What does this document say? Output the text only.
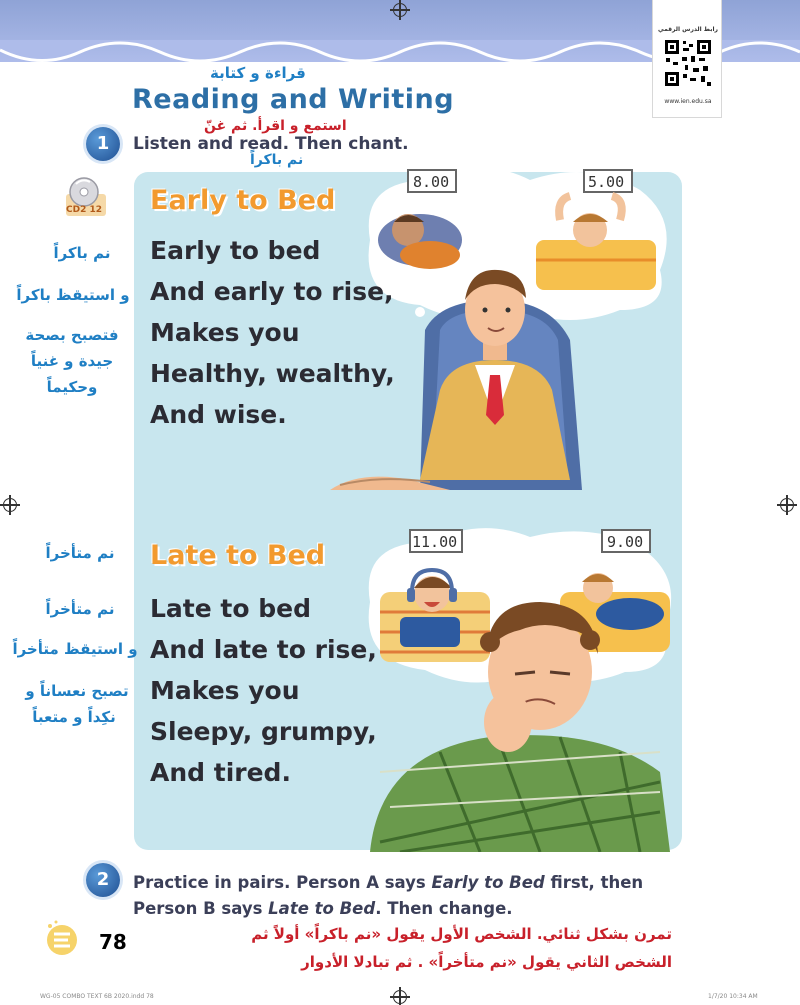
رابط الدرس الرقمي
www.ien.edu.sa
قراءة و كتابة
Reading and Writing
1
استمع و اقرأ. ثم غنّ
Listen and read. Then chant.
نم باكراً
CD2 12
8.00	5.00
11.00	9.00
Early to Bed
Late to Bed
Early to bed
And early to rise,
Makes you
Healthy, wealthy,
And wise.
Late to bed
And late to rise,
Makes you
Sleepy, grumpy,
And tired.
نم باكراً
و استيقظ باكراً
فتصبح بصحة
جيدة و غنياً
وحكيماً
نم متأخراً
نم متأخراً
و استيقظ متأخراً
تصبح نعساناً و
نكِداً و متعباً
2	Practice in pairs. Person A says Early to Bed first, then
Person B says Late to Bed. Then change.
تمرن بشكل ثنائي. الشخص الأول يقول «نم باكراً» أولاً ثم
الشخص الثاني يقول «نم متأخراً» . ثم تبادلا الأدوار
78
WG-05 COMBO TEXT 6B 2020.indd 78	1/7/20 10:34 AM
